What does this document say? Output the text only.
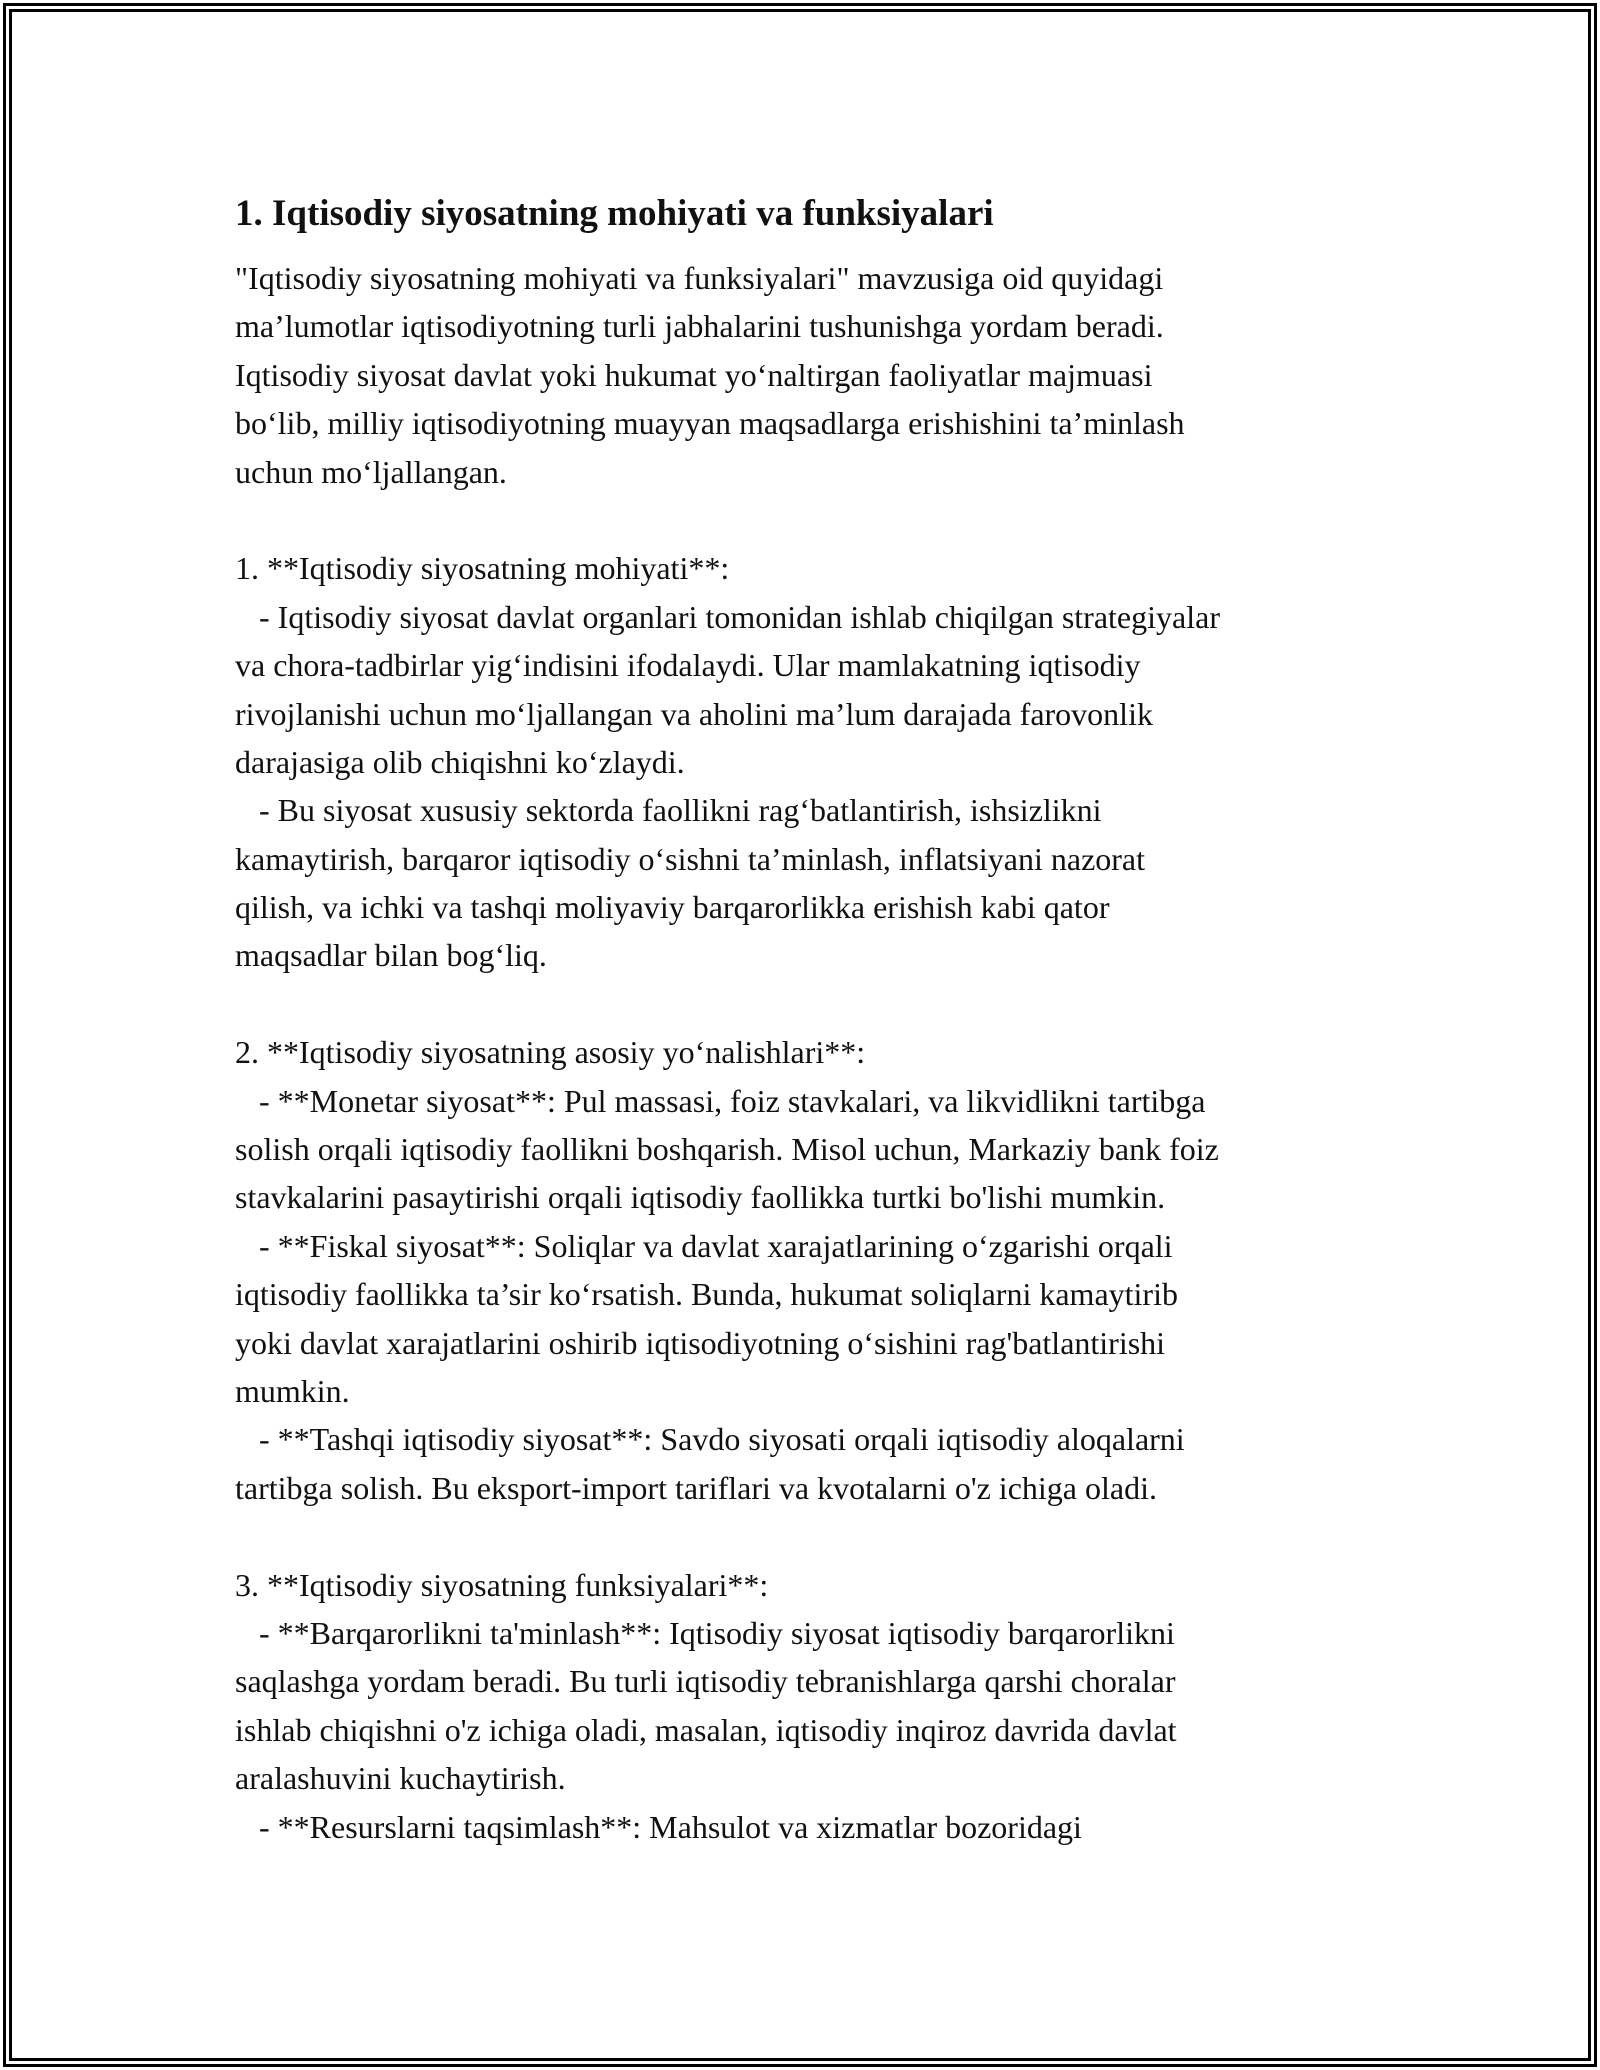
1. Iqtisodiy siyosatning mohiyati va funksiyalari
"Iqtisodiy siyosatning mohiyati va funksiyalari" mavzusiga oid quyidagi
ma’lumotlar iqtisodiyotning turli jabhalarini tushunishga yordam beradi.
Iqtisodiy siyosat davlat yoki hukumat yo‘naltirgan faoliyatlar majmuasi
bo‘lib, milliy iqtisodiyotning muayyan maqsadlarga erishishini ta’minlash
uchun mo‘ljallangan.
1. **Iqtisodiy siyosatning mohiyati**:
- Iqtisodiy siyosat davlat organlari tomonidan ishlab chiqilgan strategiyalar
va chora-tadbirlar yig‘indisini ifodalaydi. Ular mamlakatning iqtisodiy
rivojlanishi uchun mo‘ljallangan va aholini ma’lum darajada farovonlik
darajasiga olib chiqishni ko‘zlaydi.
- Bu siyosat xususiy sektorda faollikni rag‘batlantirish, ishsizlikni
kamaytirish, barqaror iqtisodiy o‘sishni ta’minlash, inflatsiyani nazorat
qilish, va ichki va tashqi moliyaviy barqarorlikka erishish kabi qator
maqsadlar bilan bog‘liq.
2. **Iqtisodiy siyosatning asosiy yo‘nalishlari**:
- **Monetar siyosat**: Pul massasi, foiz stavkalari, va likvidlikni tartibga
solish orqali iqtisodiy faollikni boshqarish. Misol uchun, Markaziy bank foiz
stavkalarini pasaytirishi orqali iqtisodiy faollikka turtki bo'lishi mumkin.
- **Fiskal siyosat**: Soliqlar va davlat xarajatlarining o‘zgarishi orqali
iqtisodiy faollikka ta’sir ko‘rsatish. Bunda, hukumat soliqlarni kamaytirib
yoki davlat xarajatlarini oshirib iqtisodiyotning o‘sishini rag'batlantirishi
mumkin.
- **Tashqi iqtisodiy siyosat**: Savdo siyosati orqali iqtisodiy aloqalarni
tartibga solish. Bu eksport-import tariflari va kvotalarni o'z ichiga oladi.
3. **Iqtisodiy siyosatning funksiyalari**:
- **Barqarorlikni ta'minlash**: Iqtisodiy siyosat iqtisodiy barqarorlikni
saqlashga yordam beradi. Bu turli iqtisodiy tebranishlarga qarshi choralar
ishlab chiqishni o'z ichiga oladi, masalan, iqtisodiy inqiroz davrida davlat
aralashuvini kuchaytirish.
- **Resurslarni taqsimlash**: Mahsulot va xizmatlar bozoridagi
